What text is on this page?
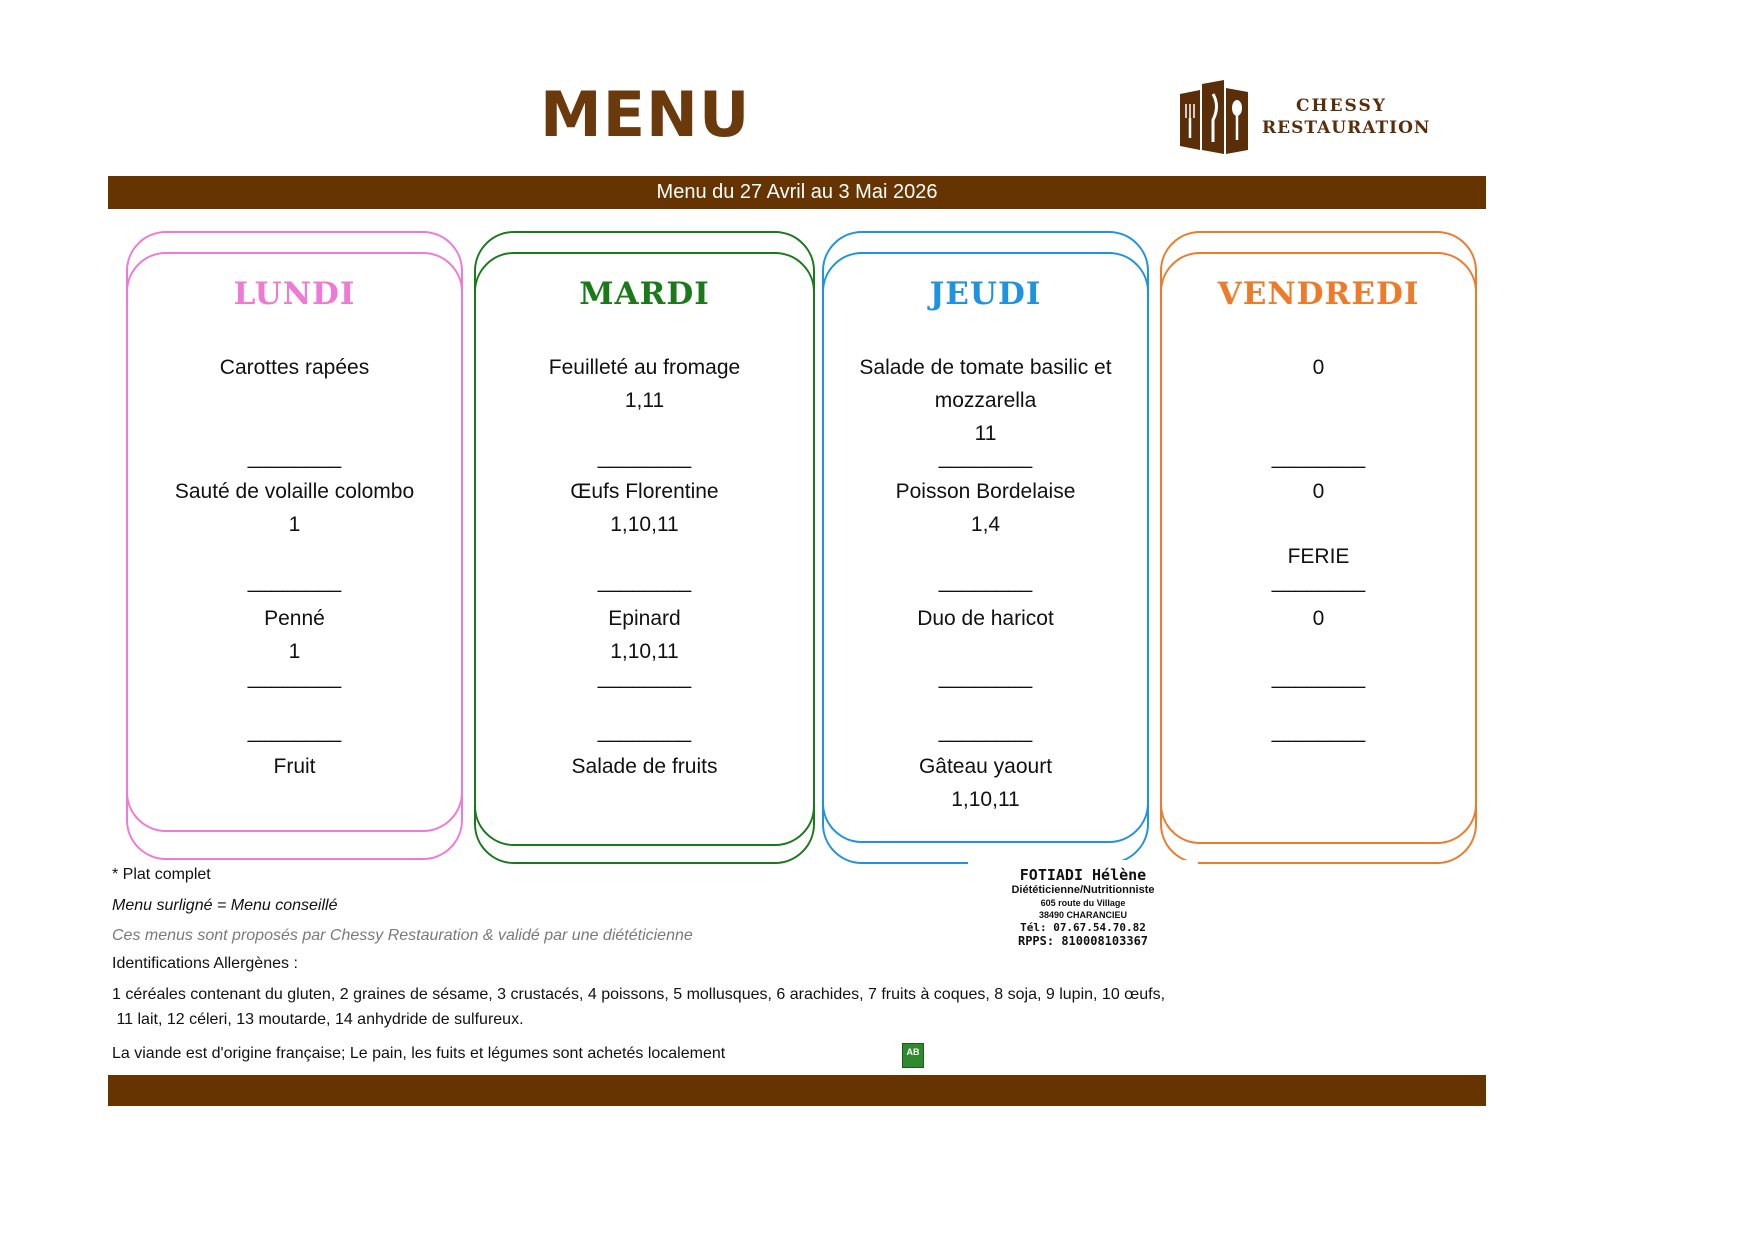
MENU	CHESSY
RESTAURATION
Menu du 27 Avril au 3 Mai 2026
LUNDI
Carottes rapées
________
Sauté de volaille colombo
1
________
Penné
1
________
________
Fruit
MARDI
Feuilleté au fromage
1,11
________
Œufs Florentine
1,10,11
________
Epinard
1,10,11
________
________
Salade de fruits
JEUDI
Salade de tomate basilic et
mozzarella
11
________
Poisson Bordelaise
1,4
________
Duo de haricot
________
________
Gâteau yaourt
1,10,11
VENDREDI
0
________
0
FERIE
________
0
________
________
* Plat complet
Menu surligné = Menu conseillé
Ces menus sont proposés par Chessy Restauration & validé par une diététicienne
Identifications Allergènes :
1 céréales contenant du gluten, 2 graines de sésame, 3 crustacés, 4 poissons, 5 mollusques, 6 arachides, 7 fruits à coques, 8 soja, 9 lupin, 10 œufs,
11 lait, 12 céleri, 13 moutarde, 14 anhydride de sulfureux.
La viande est d'origine française; Le pain, les fuits et légumes sont achetés localement
FOTIADI Hélène
Diététicienne/Nutritionniste
605 route du Village
38490 CHARANCIEU
Tél: 07.67.54.70.82
RPPS: 810008103367
AB
